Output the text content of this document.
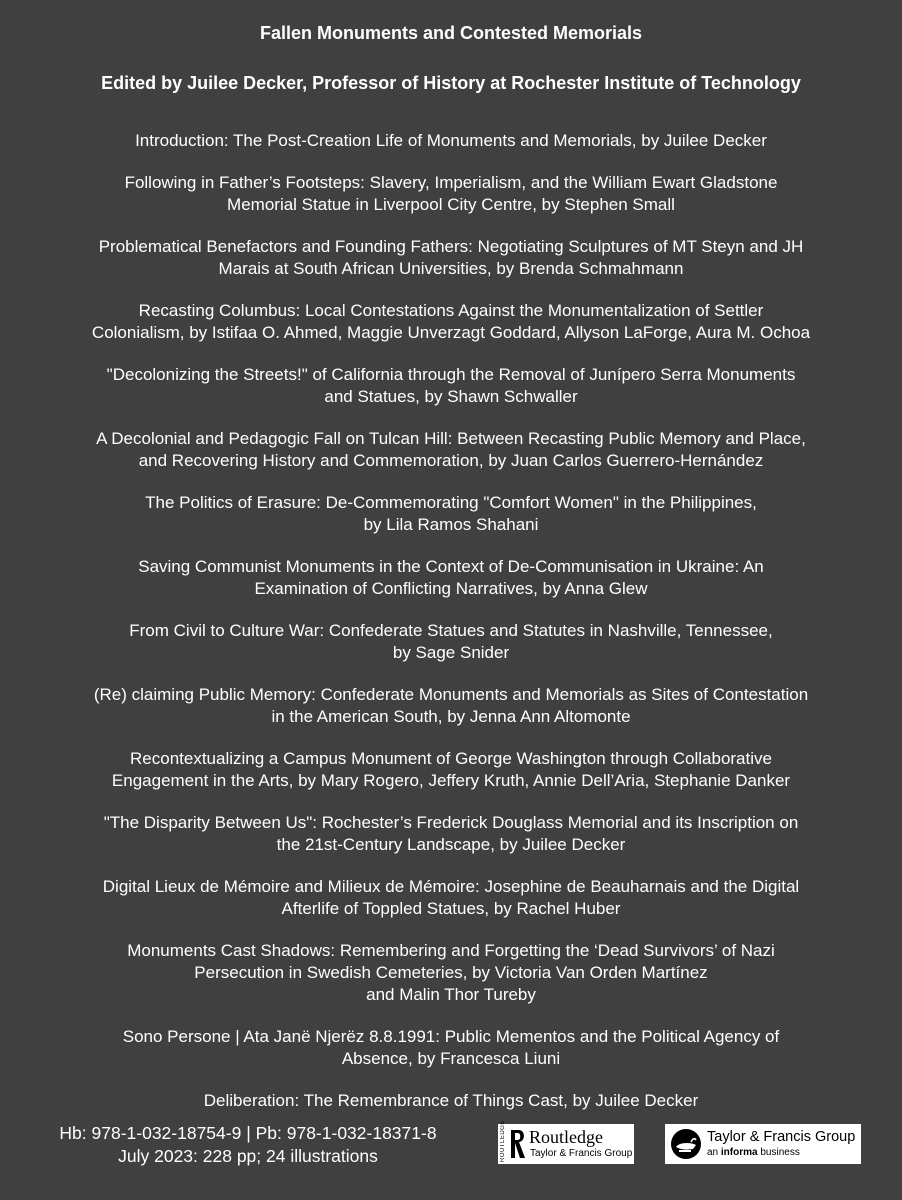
Fallen Monuments and Contested Memorials
Edited by Juilee Decker, Professor of History at Rochester Institute of Technology
Introduction: The Post-Creation Life of Monuments and Memorials, by Juilee Decker
Following in Father’s Footsteps: Slavery, Imperialism, and the William Ewart Gladstone
Memorial Statue in Liverpool City Centre, by Stephen Small
Problematical Benefactors and Founding Fathers: Negotiating Sculptures of MT Steyn and JH
Marais at South African Universities, by Brenda Schmahmann
Recasting Columbus: Local Contestations Against the Monumentalization of Settler
Colonialism, by Istifaa O. Ahmed, Maggie Unverzagt Goddard, Allyson LaForge, Aura M. Ochoa
"Decolonizing the Streets!" of California through the Removal of Junípero Serra Monuments
and Statues, by Shawn Schwaller
A Decolonial and Pedagogic Fall on Tulcan Hill: Between Recasting Public Memory and Place,
and Recovering History and Commemoration, by Juan Carlos Guerrero-Hernández
The Politics of Erasure: De-Commemorating "Comfort Women" in the Philippines,
by Lila Ramos Shahani
Saving Communist Monuments in the Context of De-Communisation in Ukraine: An
Examination of Conflicting Narratives, by Anna Glew
From Civil to Culture War: Confederate Statues and Statutes in Nashville, Tennessee,
by Sage Snider
(Re) claiming Public Memory: Confederate Monuments and Memorials as Sites of Contestation
in the American South, by Jenna Ann Altomonte
Recontextualizing a Campus Monument of George Washington through Collaborative
Engagement in the Arts, by Mary Rogero, Jeffery Kruth, Annie Dell’Aria, Stephanie Danker
"The Disparity Between Us": Rochester’s Frederick Douglass Memorial and its Inscription on
the 21st-Century Landscape, by Juilee Decker
Digital Lieux de Mémoire and Milieux de Mémoire: Josephine de Beauharnais and the Digital
Afterlife of Toppled Statues, by Rachel Huber
Monuments Cast Shadows: Remembering and Forgetting the ‘Dead Survivors’ of Nazi
Persecution in Swedish Cemeteries, by Victoria Van Orden Martínez
and Malin Thor Tureby
Sono Persone | Ata Janë Njerëz 8.8.1991: Public Mementos and the Political Agency of
Absence, by Francesca Liuni
Deliberation: The Remembrance of Things Cast, by Juilee Decker
Hb: 978-1-032-18754-9 | Pb: 978-1-032-18371-8
July 2023: 228 pp; 24 illustrations	ROUTLEDGE Routledge
Taylor & Francis Group
Taylor & Francis Group
an informa business
